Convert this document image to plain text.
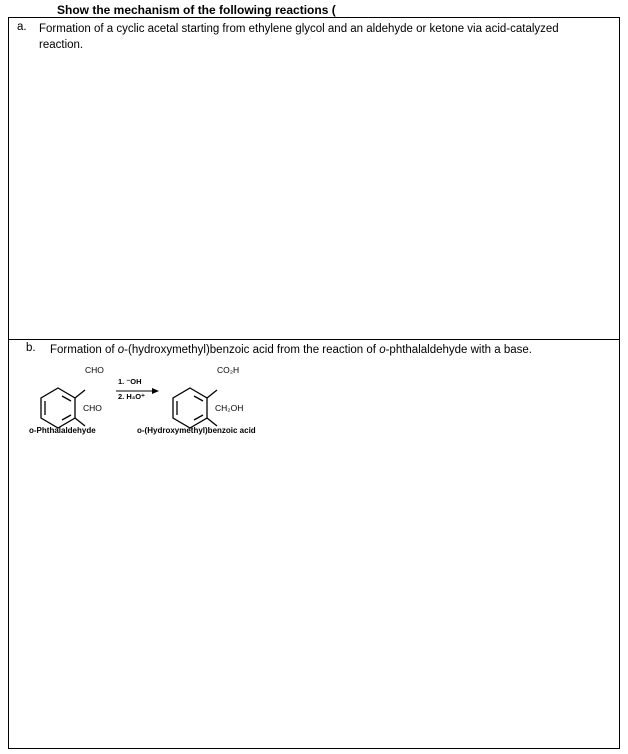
Show the mechanism of the following reactions (
a. Formation of a cyclic acetal starting from ethylene glycol and an aldehyde or ketone via acid-catalyzed reaction.
b. Formation of o-(hydroxymethyl)benzoic acid from the reaction of o-phthalaldehyde with a base.
CHO
CHO
1. ⁻OH
2. H₃O⁺
CO₂H
CH₂OH
o-Phthalaldehyde	o-(Hydroxymethyl)benzoic acid
